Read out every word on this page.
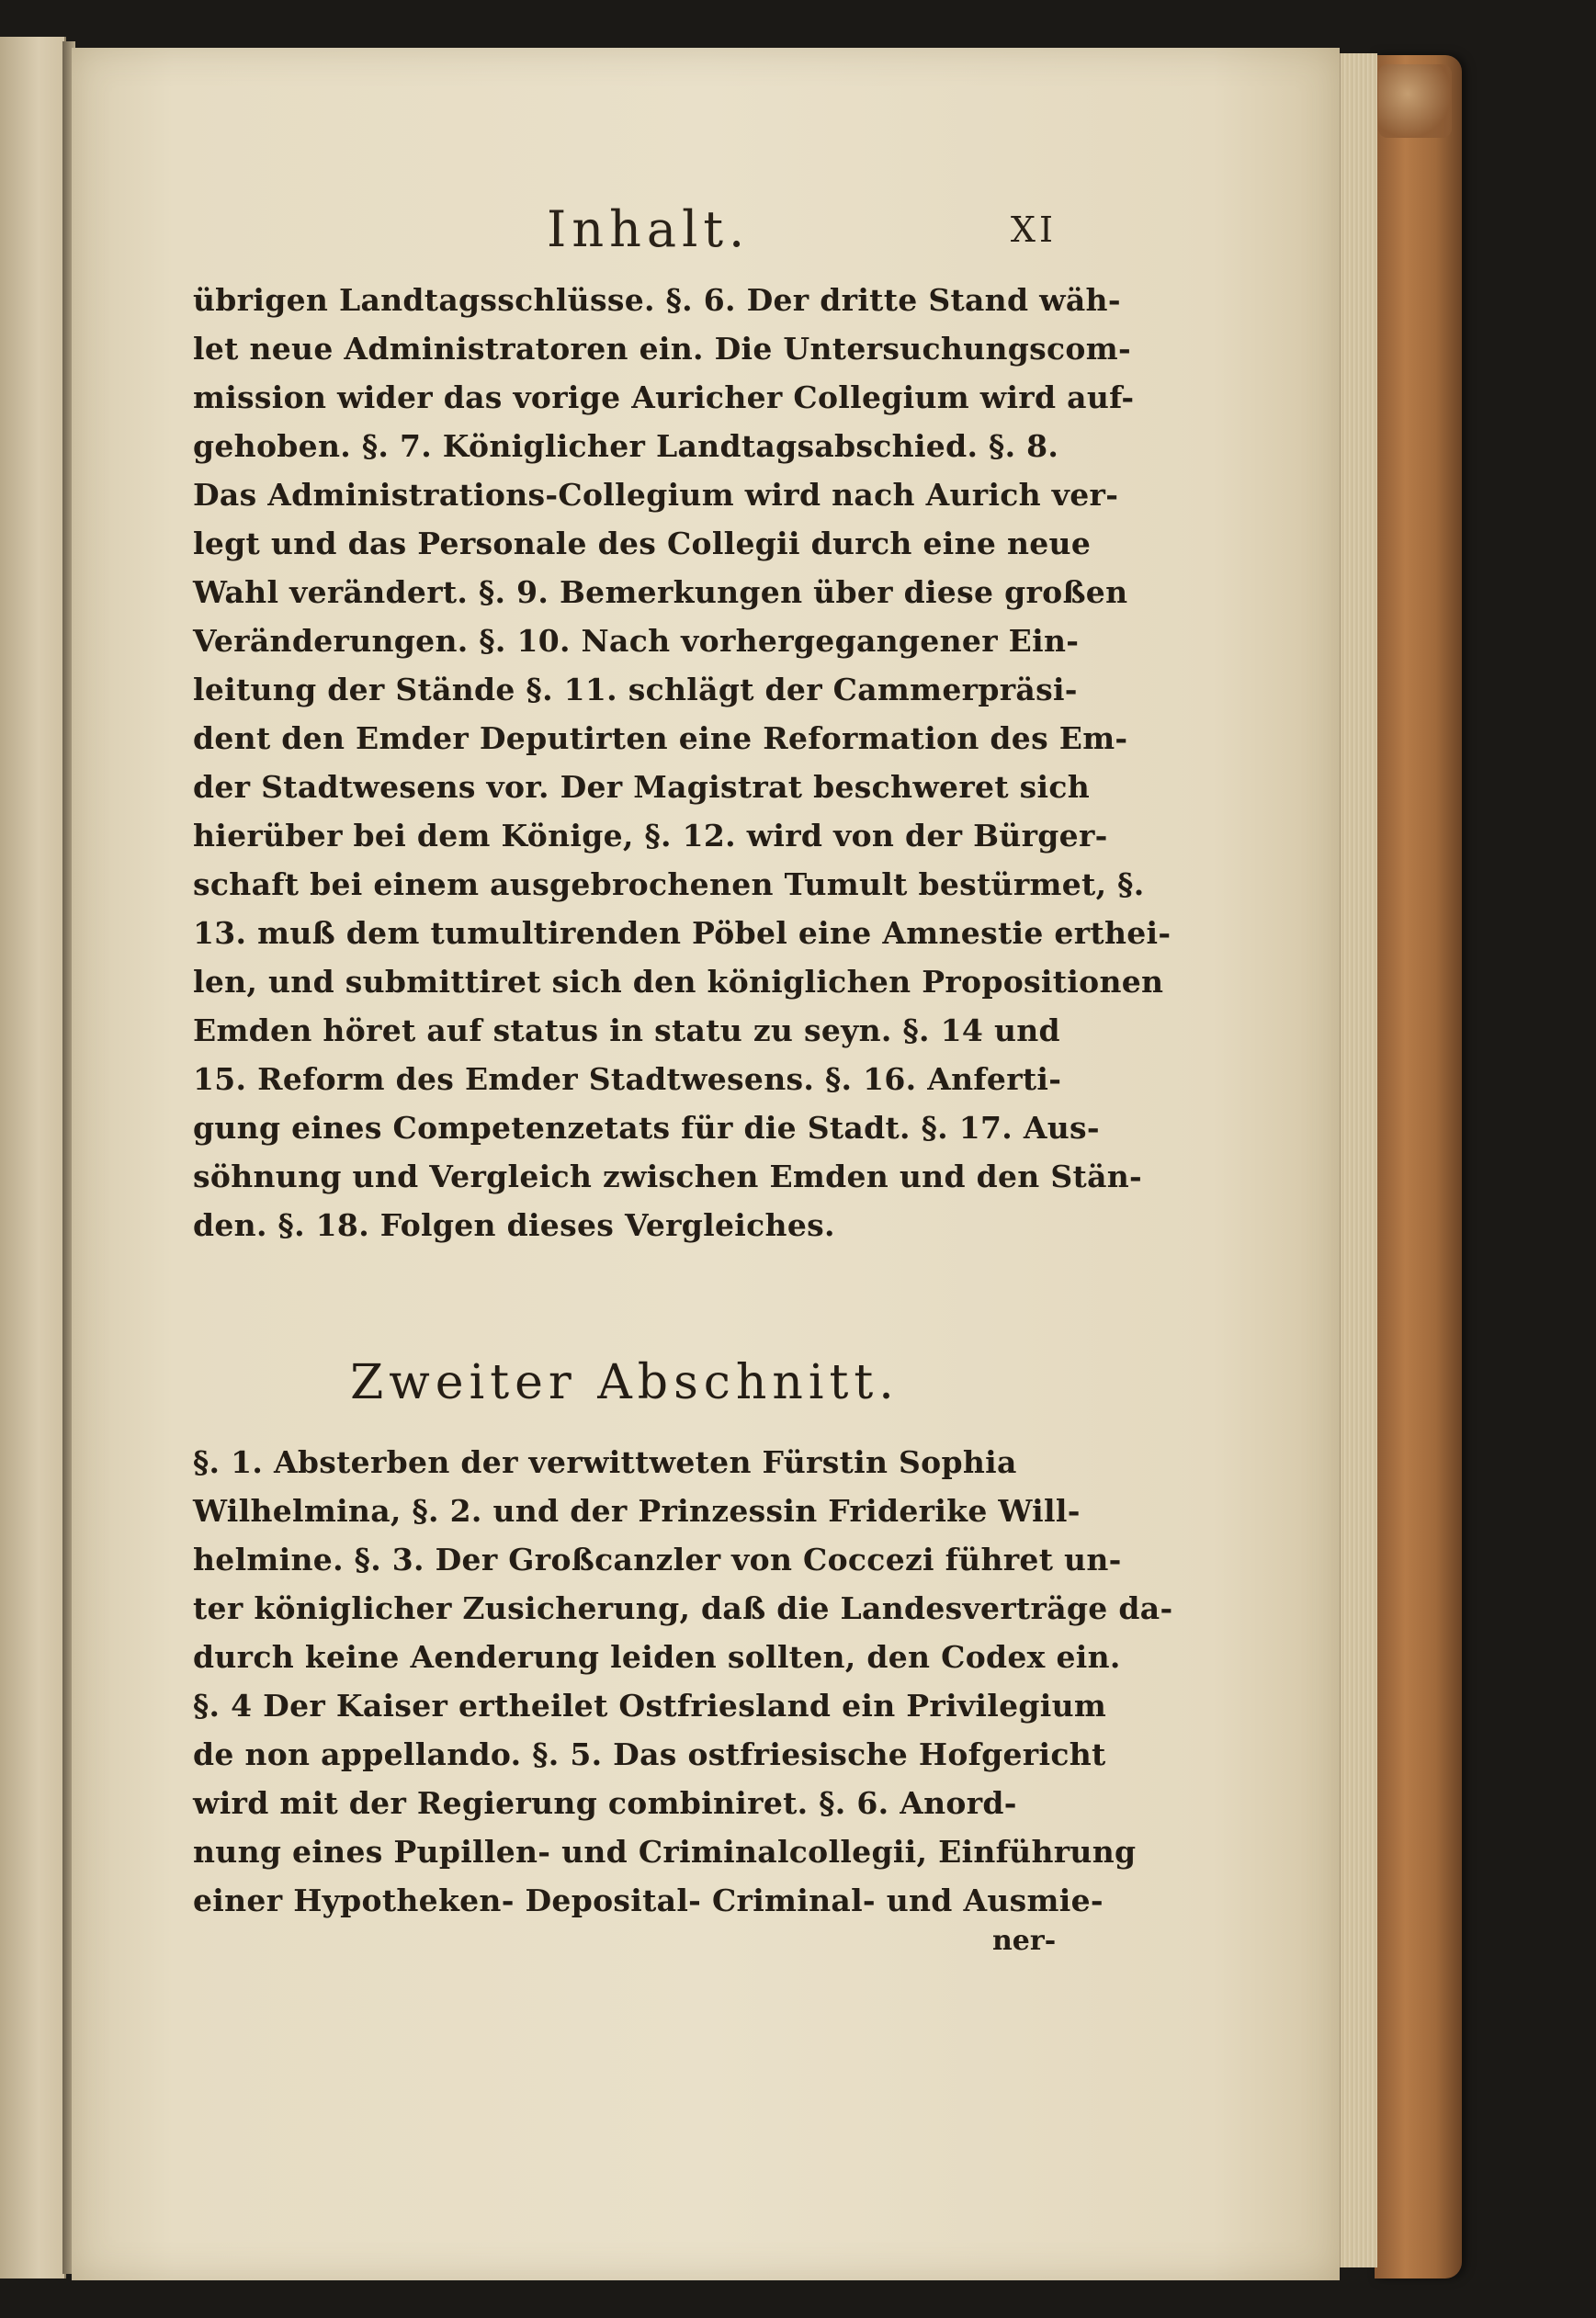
Inhalt.	XI
übrigen Landtagsschlüsse. §. 6. Der dritte Stand wäh-
let neue Administratoren ein. Die Untersuchungscom-
mission wider das vorige Auricher Collegium wird auf-
gehoben. §. 7. Königlicher Landtagsabschied. §. 8.
Das Administrations-Collegium wird nach Aurich ver-
legt und das Personale des Collegii durch eine neue
Wahl verändert. §. 9. Bemerkungen über diese großen
Veränderungen. §. 10. Nach vorhergegangener Ein-
leitung der Stände §. 11. schlägt der Cammerpräsi-
dent den Emder Deputirten eine Reformation des Em-
der Stadtwesens vor. Der Magistrat beschweret sich
hierüber bei dem Könige, §. 12. wird von der Bürger-
schaft bei einem ausgebrochenen Tumult bestürmet, §.
13. muß dem tumultirenden Pöbel eine Amnestie erthei-
len, und submittiret sich den königlichen Propositionen
Emden höret auf status in statu zu seyn. §. 14 und
15. Reform des Emder Stadtwesens. §. 16. Anferti-
gung eines Competenzetats für die Stadt. §. 17. Aus-
söhnung und Vergleich zwischen Emden und den Stän-
den. §. 18. Folgen dieses Vergleiches.
Zweiter Abschnitt.
§. 1. Absterben der verwittweten Fürstin Sophia
Wilhelmina, §. 2. und der Prinzessin Friderike Will-
helmine. §. 3. Der Großcanzler von Coccezi führet un-
ter königlicher Zusicherung, daß die Landesverträge da-
durch keine Aenderung leiden sollten, den Codex ein.
§. 4 Der Kaiser ertheilet Ostfriesland ein Privilegium
de non appellando. §. 5. Das ostfriesische Hofgericht
wird mit der Regierung combiniret. §. 6. Anord-
nung eines Pupillen- und Criminalcollegii, Einführung
einer Hypotheken- Deposital- Criminal- und Ausmie-
ner-
